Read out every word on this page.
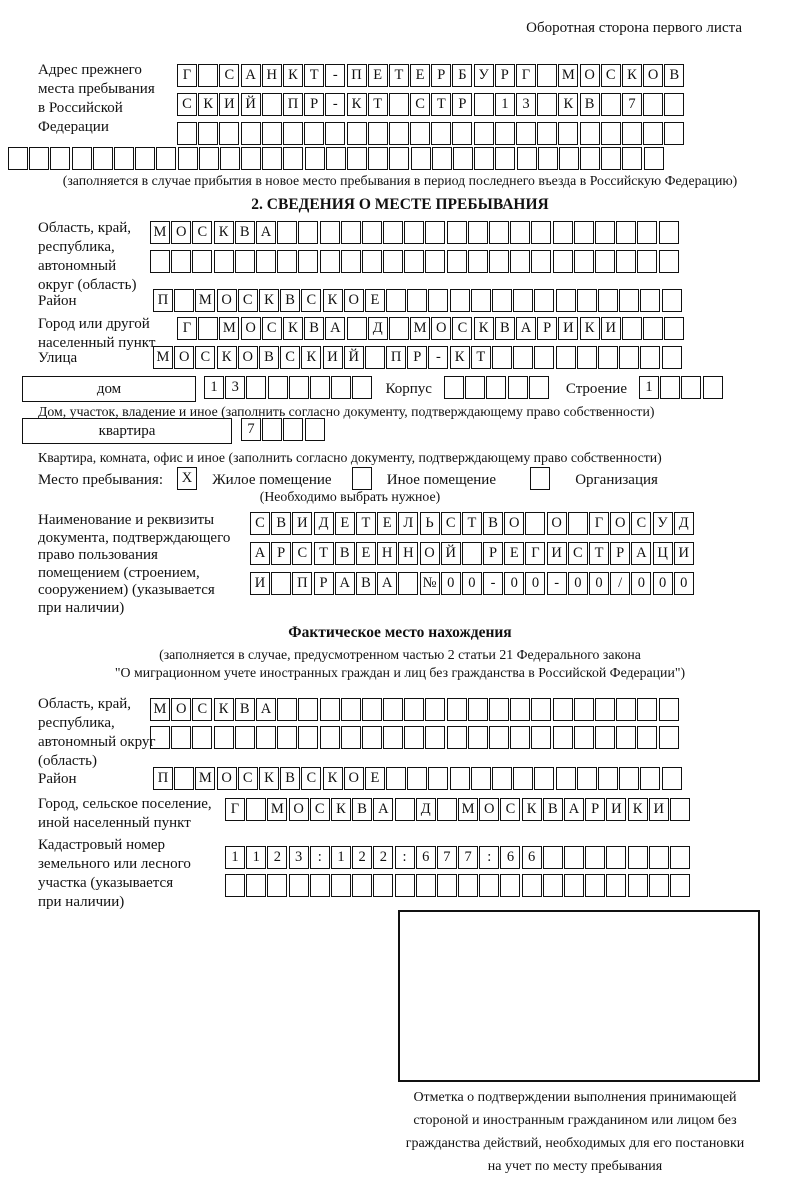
Оборотная сторона первого листа
Адрес прежнего
места пребывания
в Российской
Федерации
Г С А Н К Т - П Е Т Е Р Б У Р Г М О С К О В
С К И Й П Р - К Т С Т Р 1 3 К В 7
(заполняется в случае прибытия в новое место пребывания в период последнего въезда в Российскую Федерацию)
2. СВЕДЕНИЯ О МЕСТЕ ПРЕБЫВАНИЯ
Область, край,
республика,
автономный
округ (область)
М О С К В А
Район	П М О С К В С К О Е
Город или другой
населенный пункт
Г М О С К В А Д М О С К В А Р И К И
Улица	М О С К О В С К И Й П Р - К Т
дом	1 3	Корпус	Строение 1
Дом, участок, владение и иное (заполнить согласно документу, подтверждающему право собственности)
квартира	7
Квартира, комната, офис и иное (заполнить согласно документу, подтверждающему право собственности)
Место пребывания: X Жилое помещение	Иное помещение	Организация
(Необходимо выбрать нужное)
Наименование и реквизиты
документа, подтверждающего
право пользования
помещением (строением,
сооружением) (указывается
при наличии)
С В И Д Е Т Е Л Ь С Т В О О Г О С У Д
А Р С Т В Е Н Н О Й Р Е Г И С Т Р А Ц И
И П Р А В А № 0 0 - 0 0 - 0 0 / 0 0 0
Фактическое место нахождения
(заполняется в случае, предусмотренном частью 2 статьи 21 Федерального закона
"О миграционном учете иностранных граждан и лиц без гражданства в Российской Федерации")
Область, край,
республика,
автономный округ
(область)
М О С К В А
Район	П М О С К В С К О Е
Город, сельское поселение,
иной населенный пункт
Г М О С К В А Д М О С К В А Р И К И
Кадастровый номер
земельного или лесного
участка (указывается
при наличии)
1 1 2 3 : 1 2 2 : 6 7 7 : 6 6
Отметка о подтверждении выполнения принимающей
стороной и иностранным гражданином или лицом без
гражданства действий, необходимых для его постановки
на учет по месту пребывания
